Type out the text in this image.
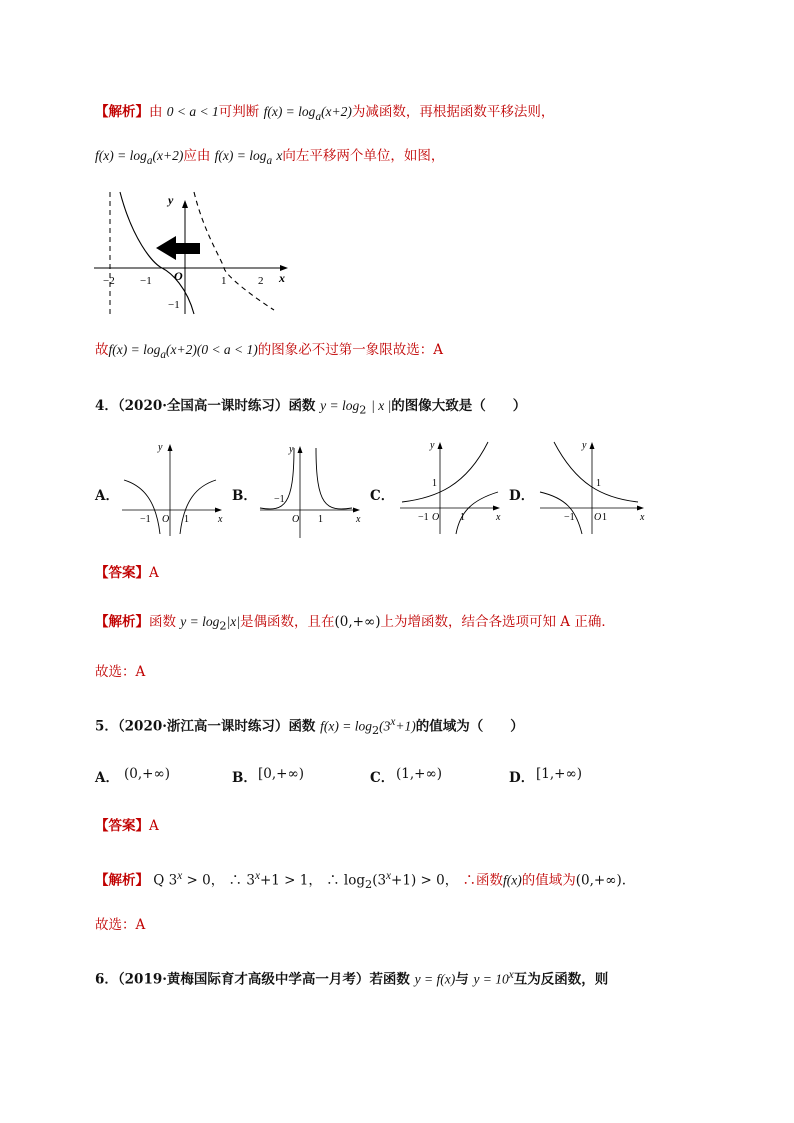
【解析】由 0 < a < 1可判断 $f(x) = \log_a(x+2)$为减函数，再根据函数平移法则，
$f(x) = \log_a(x+2)$应由 $f(x) = \log_a x$向左平移两个单位，如图，
y
x
O
1
−2 −1	1	2
−1
故$f(x) = \log_a(x+2)(0 < a < 1)$的图象必不过第一象限故选：A
4．（2020·全国高一课时练习）函数 $y = \log_2$ | x |的图像大致是（　　）
A．	B．	C．	D．
y
x
−1 O 1
y
x
−1
O 1
y
x
1
−1 O 1
y
x
1
−1 O 1
【答案】A
【解析】函数 $y = \log_2|x|$是偶函数，且在(0,+∞)上为增函数，结合各选项可知 A 正确．
故选：A
5．（2020·浙江高一课时练习）函数 $f(x) = \log_2(3^x+1)$的值域为（　　）
A． (0,+∞)	B． [0,+∞)	C． (1,+∞)	D． [1,+∞)
【答案】A
【解析】 Q $3^x > 0$， ∴ $3^x+1 > 1$， ∴ $\log_2(3^x+1) > 0$， ∴函数f(x)的值域为(0,+∞).
故选：A
6．（2019·黄梅国际育才高级中学高一月考）若函数 y = f(x)与 $y = 10^x$互为反函数，则
